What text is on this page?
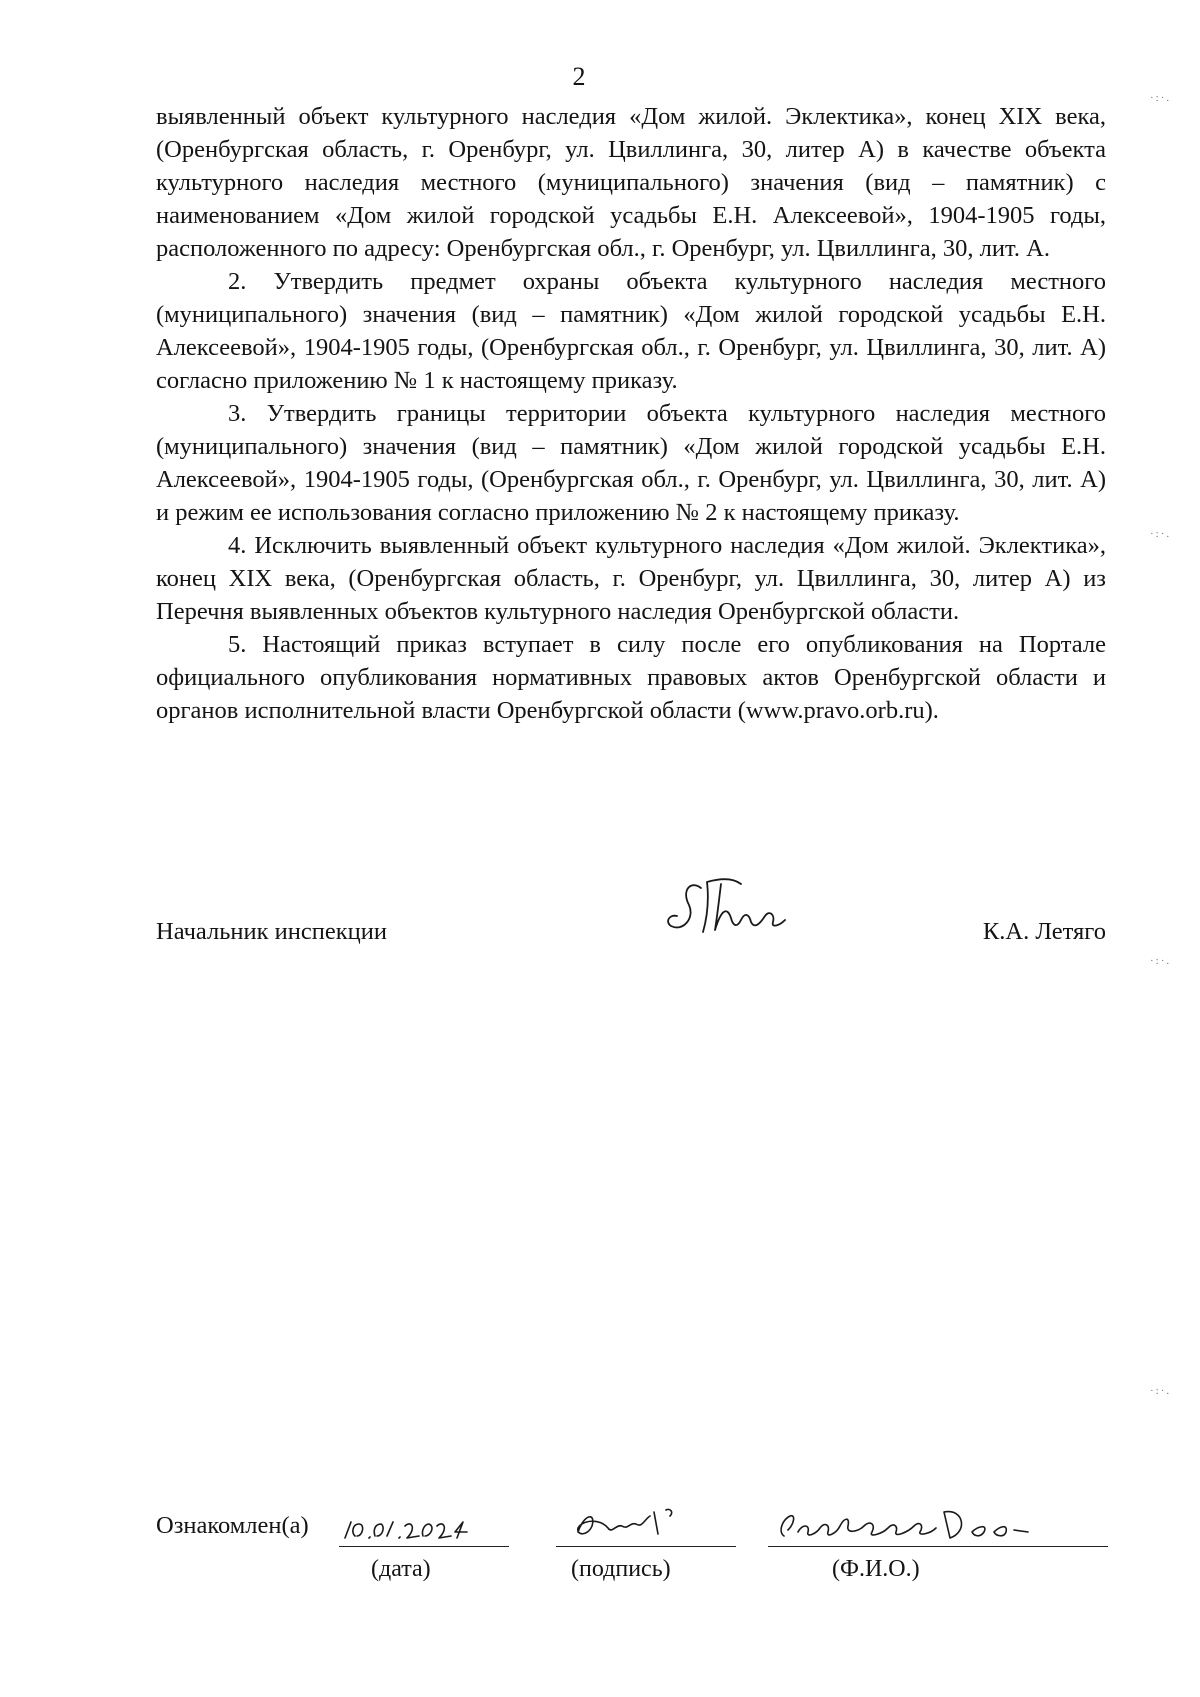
2

выявленный объект культурного наследия «Дом жилой. Эклектика», конец XIX века, (Оренбургская область, г. Оренбург, ул. Цвиллинга, 30, литер А) в качестве объекта культурного наследия местного (муниципального) значения (вид – памятник) с наименованием «Дом жилой городской усадьбы Е.Н. Алексеевой», 1904-1905 годы, расположенного по адресу: Оренбургская обл., г. Оренбург, ул. Цвиллинга, 30, лит. А.

2. Утвердить предмет охраны объекта культурного наследия местного (муниципального) значения (вид – памятник) «Дом жилой городской усадьбы Е.Н. Алексеевой», 1904-1905 годы, (Оренбургская обл., г. Оренбург, ул. Цвиллинга, 30, лит. А) согласно приложению № 1 к настоящему приказу.

3. Утвердить границы территории объекта культурного наследия местного (муниципального) значения (вид – памятник) «Дом жилой городской усадьбы Е.Н. Алексеевой», 1904-1905 годы, (Оренбургская обл., г. Оренбург, ул. Цвиллинга, 30, лит. А) и режим ее использования согласно приложению № 2 к настоящему приказу.

4. Исключить выявленный объект культурного наследия «Дом жилой. Эклектика», конец XIX века, (Оренбургская область, г. Оренбург, ул. Цвиллинга, 30, литер А) из Перечня выявленных объектов культурного наследия Оренбургской области.

5. Настоящий приказ вступает в силу после его опубликования на Портале официального опубликования нормативных правовых актов Оренбургской области и органов исполнительной власти Оренбургской области (www.pravo.orb.ru).

Начальник инспекции	К.А. Летяго
Ознакомлен(а)
(дата)	(подпись)	(Ф.И.О.)
·:·.
·:·.
·:·.
·:·.
